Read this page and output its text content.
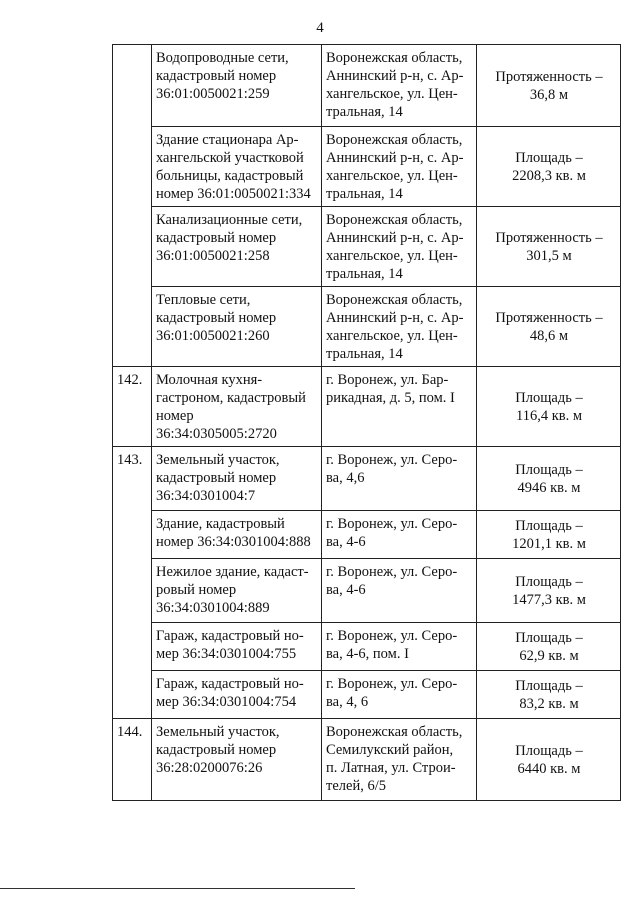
4
	Водопроводные сети,
кадастровый номер
36:01:0050021:259	Воронежская область,
Аннинский р-н, с. Ар-
хангельское, ул. Цен-
тральная, 14	Протяженность –
36,8 м
	Здание стационара Ар-
хангельской участковой
больницы, кадастровый
номер 36:01:0050021:334	Воронежская область,
Аннинский р-н, с. Ар-
хангельское, ул. Цен-
тральная, 14	Площадь –
2208,3 кв. м
	Канализационные сети,
кадастровый номер
36:01:0050021:258	Воронежская область,
Аннинский р-н, с. Ар-
хангельское, ул. Цен-
тральная, 14	Протяженность –
301,5 м
	Тепловые сети,
кадастровый номер
36:01:0050021:260	Воронежская область,
Аннинский р-н, с. Ар-
хангельское, ул. Цен-
тральная, 14	Протяженность –
48,6 м
142.	Молочная кухня-
гастроном, кадастровый
номер
36:34:0305005:2720	г. Воронеж, ул. Бар-
рикадная, д. 5, пом. I	Площадь –
116,4 кв. м
143.	Земельный участок,
кадастровый номер
36:34:0301004:7	г. Воронеж, ул. Серо-
ва, 4,6	Площадь –
4946 кв. м
	Здание, кадастровый
номер 36:34:0301004:888	г. Воронеж, ул. Серо-
ва, 4-6	Площадь –
1201,1 кв. м
	Нежилое здание, кадаст-
ровый номер
36:34:0301004:889	г. Воронеж, ул. Серо-
ва, 4-6	Площадь –
1477,3 кв. м
	Гараж, кадастровый но-
мер 36:34:0301004:755	г. Воронеж, ул. Серо-
ва, 4-6, пом. I	Площадь –
62,9 кв. м
	Гараж, кадастровый но-
мер 36:34:0301004:754	г. Воронеж, ул. Серо-
ва, 4, 6	Площадь –
83,2 кв. м
144.	Земельный участок,
кадастровый номер
36:28:0200076:26	Воронежская область,
Семилукский район,
п. Латная, ул. Строи-
телей, 6/5	Площадь –
6440 кв. м
